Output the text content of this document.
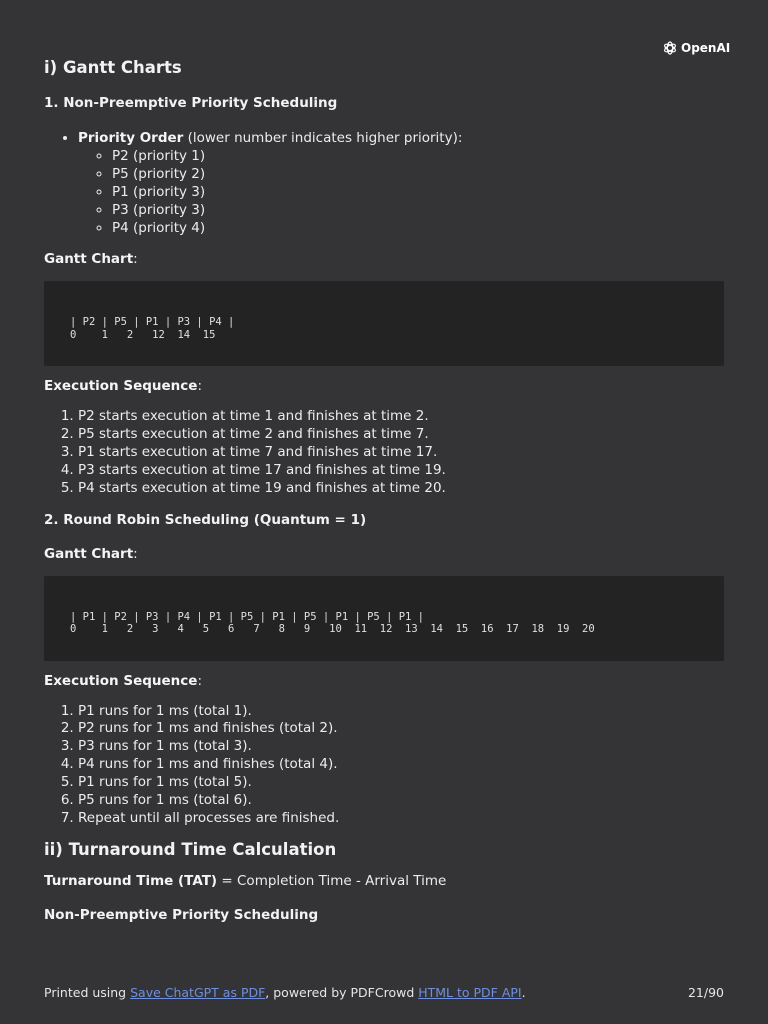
OpenAI
i) Gantt Charts
1. Non-Preemptive Priority Scheduling
• Priority Order (lower number indicates higher priority):
◦ P2 (priority 1)
◦ P5 (priority 2)
◦ P1 (priority 3)
◦ P3 (priority 3)
◦ P4 (priority 4)

Gantt Chart:

| P2 | P5 | P1 | P3 | P4 |
0    1   2   12  14  15

Execution Sequence:

1. P2 starts execution at time 1 and finishes at time 2.
2. P5 starts execution at time 2 and finishes at time 7.
3. P1 starts execution at time 7 and finishes at time 17.
4. P3 starts execution at time 17 and finishes at time 19.
5. P4 starts execution at time 19 and finishes at time 20.
2. Round Robin Scheduling (Quantum = 1)

Gantt Chart:

| P1 | P2 | P3 | P4 | P1 | P5 | P1 | P5 | P1 | P5 | P1 |
0    1   2   3   4   5   6   7   8   9   10  11  12  13  14  15  16  17  18  19  20

Execution Sequence:

1. P1 runs for 1 ms (total 1).
2. P2 runs for 1 ms and finishes (total 2).
3. P3 runs for 1 ms (total 3).
4. P4 runs for 1 ms and finishes (total 4).
5. P1 runs for 1 ms (total 5).
6. P5 runs for 1 ms (total 6).
7. Repeat until all processes are finished.
ii) Turnaround Time Calculation

Turnaround Time (TAT) = Completion Time - Arrival Time

Non-Preemptive Priority Scheduling
Printed using Save ChatGPT as PDF, powered by PDFCrowd HTML to PDF API.	21/90
